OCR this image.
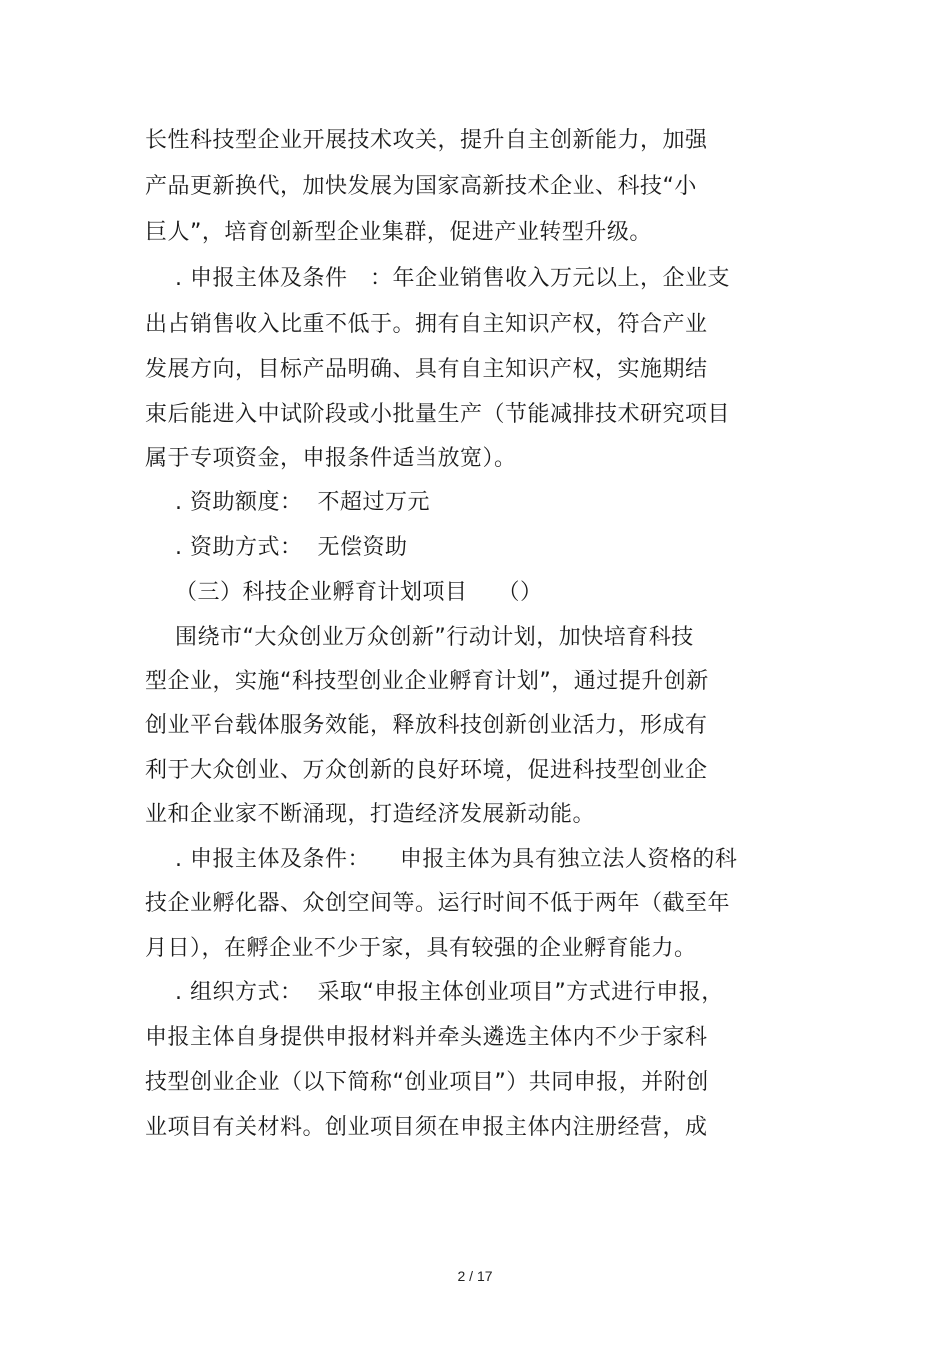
长性科技型企业开展技术攻关，提升自主创新能力，加强
产品更新换代，加快发展为国家高新技术企业、科技“小
巨人”，培育创新型企业集群，促进产业转型升级。
. 申报主体及条件   ：年企业销售收入万元以上，企业支
出占销售收入比重不低于。拥有自主知识产权，符合产业
发展方向，目标产品明确、具有自主知识产权，实施期结
束后能进入中试阶段或小批量生产（节能减排技术研究项目
属于专项资金，申报条件适当放宽）。
. 资助额度：  不超过万元
. 资助方式：  无偿资助
（三）科技企业孵育计划项目    （）
围绕市“大众创业万众创新”行动计划，加快培育科技
型企业，实施“科技型创业企业孵育计划”，通过提升创新
创业平台载体服务效能，释放科技创新创业活力，形成有
利于大众创业、万众创新的良好环境，促进科技型创业企
业和企业家不断涌现，打造经济发展新动能。
. 申报主体及条件：    申报主体为具有独立法人资格的科
技企业孵化器、众创空间等。运行时间不低于两年（截至年
月日），在孵企业不少于家，具有较强的企业孵育能力。
. 组织方式：  采取“申报主体创业项目”方式进行申报，
申报主体自身提供申报材料并牵头遴选主体内不少于家科
技型创业企业（以下简称“创业项目”）共同申报，并附创
业项目有关材料。创业项目须在申报主体内注册经营，成
2 / 17
